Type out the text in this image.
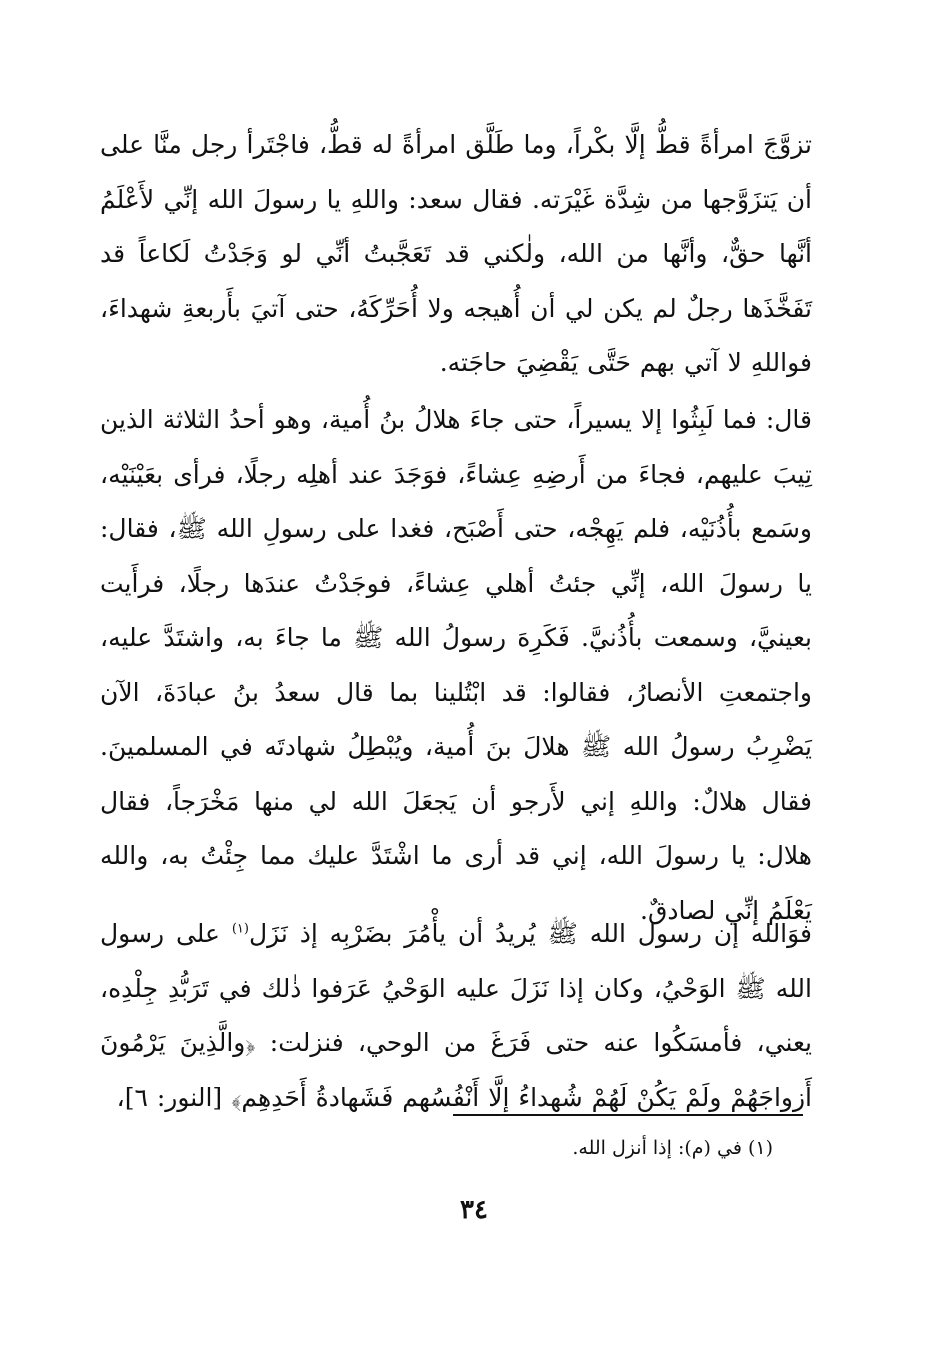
تزوَّجَ امرأةً قطُّ إلَّا بكْراً، وما طَلَّق امرأةً له قطُّ، فاجْتَرأ رجل منَّا على أن يَتزَوَّجها من شِدَّة غَيْرَته. فقال سعد: واللهِ يا رسولَ الله إنِّي لأَعْلَمُ أنَّها حقٌّ، وأنَّها من الله، ولٰكني قد تَعَجَّبتُ أنِّي لو وَجَدْتُ لَكاعاً قد تَفَخَّذَها رجلٌ لم يكن لي أن أُهيجه ولا أُحَرِّكَهُ، حتى آتيَ بأَربعةِ شهداءَ، فواللهِ لا آتي بهم حَتَّى يَقْضِيَ حاجَته.

قال: فما لَبِثُوا إلا يسيراً، حتى جاءَ هلالُ بنُ أُمية، وهو أحدُ الثلاثة الذين تِيبَ عليهم، فجاءَ من أَرضِهِ عِشاءً، فوَجَدَ عند أهلِه رجلًا، فرأى بعَيْنَيْه، وسَمع بأُذُنَيْه، فلم يَهِجْه، حتى أَصْبَح، فغدا على رسولِ الله ﷺ، فقال: يا رسولَ الله، إنِّي جئتُ أهلي عِشاءً، فوجَدْتُ عندَها رجلًا، فرأَيت بعينيَّ، وسمعت بأُذُنيَّ. فَكَرِهَ رسولُ الله ﷺ ما جاءَ به، واشتَدَّ عليه، واجتمعتِ الأنصارُ، فقالوا: قد ابْتُلينا بما قال سعدُ بنُ عبادَةَ، الآن يَضْرِبُ رسولُ الله ﷺ هلالَ بنَ أُمية، ويُبْطِلُ شهادتَه في المسلمينَ. فقال هلالٌ: واللهِ إني لأَرجو أن يَجعَلَ الله لي منها مَخْرَجاً، فقال هلال: يا رسولَ الله، إني قد أرى ما اشْتَدَّ عليك مما جِئْتُ به، والله يَعْلَمُ إنِّي لصادقٌ.

فوَالله إن رسول الله ﷺ يُريدُ أن يأْمُرَ بضَرْبِه إذ نَزَل$^{(١)}$ على رسول الله ﷺ الوَحْيُ، وكان إذا نَزَلَ عليه الوَحْيُ عَرَفوا ذٰلك في تَرَبُّدِ جِلْدِه، يعني، فأمسَكُوا عنه حتى فَرَغَ من الوحي، فنزلت: ﴿والَّذِينَ يَرْمُونَ أَزواجَهُمْ ولَمْ يَكُنْ لَهُمْ شُهداءُ إلَّا أَنْفُسُهم فَشَهادةُ أَحَدِهِم﴾ [النور: ٦]،

(١) في (م): إذا أنزل الله.
٣٤
